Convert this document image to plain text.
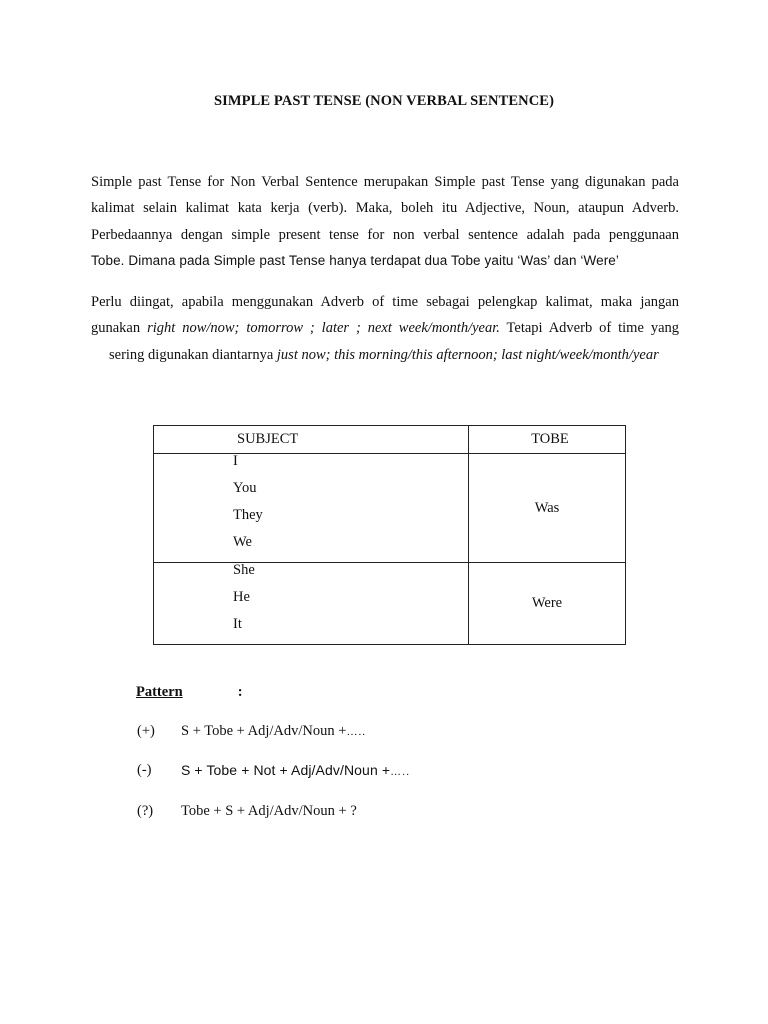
SIMPLE PAST TENSE (NON VERBAL SENTENCE)
Simple past Tense for Non Verbal Sentence merupakan Simple past Tense yang digunakan pada
kalimat selain kalimat kata kerja (verb). Maka, boleh itu Adjective, Noun, ataupun Adverb.
Perbedaannya dengan simple present tense for non verbal sentence adalah pada penggunaan
Tobe. Dimana pada Simple past Tense hanya terdapat dua Tobe yaitu ‘Was’ dan ‘Were’
Perlu diingat, apabila menggunakan Adverb of time sebagai pelengkap kalimat, maka jangan
gunakan right now/now; tomorrow ; later ; next week/month/year. Tetapi Adverb of time yang
sering digunakan diantarnya just now; this morning/this afternoon; last night/week/month/year
SUBJECT	TOBE

I
You
They
We	Was

She
He
It	Were
Pattern	:
(+) S + Tobe + Adj/Adv/Noun +…..
(-) S + Tobe + Not + Adj/Adv/Noun +…..
(?) Tobe + S + Adj/Adv/Noun + ?
